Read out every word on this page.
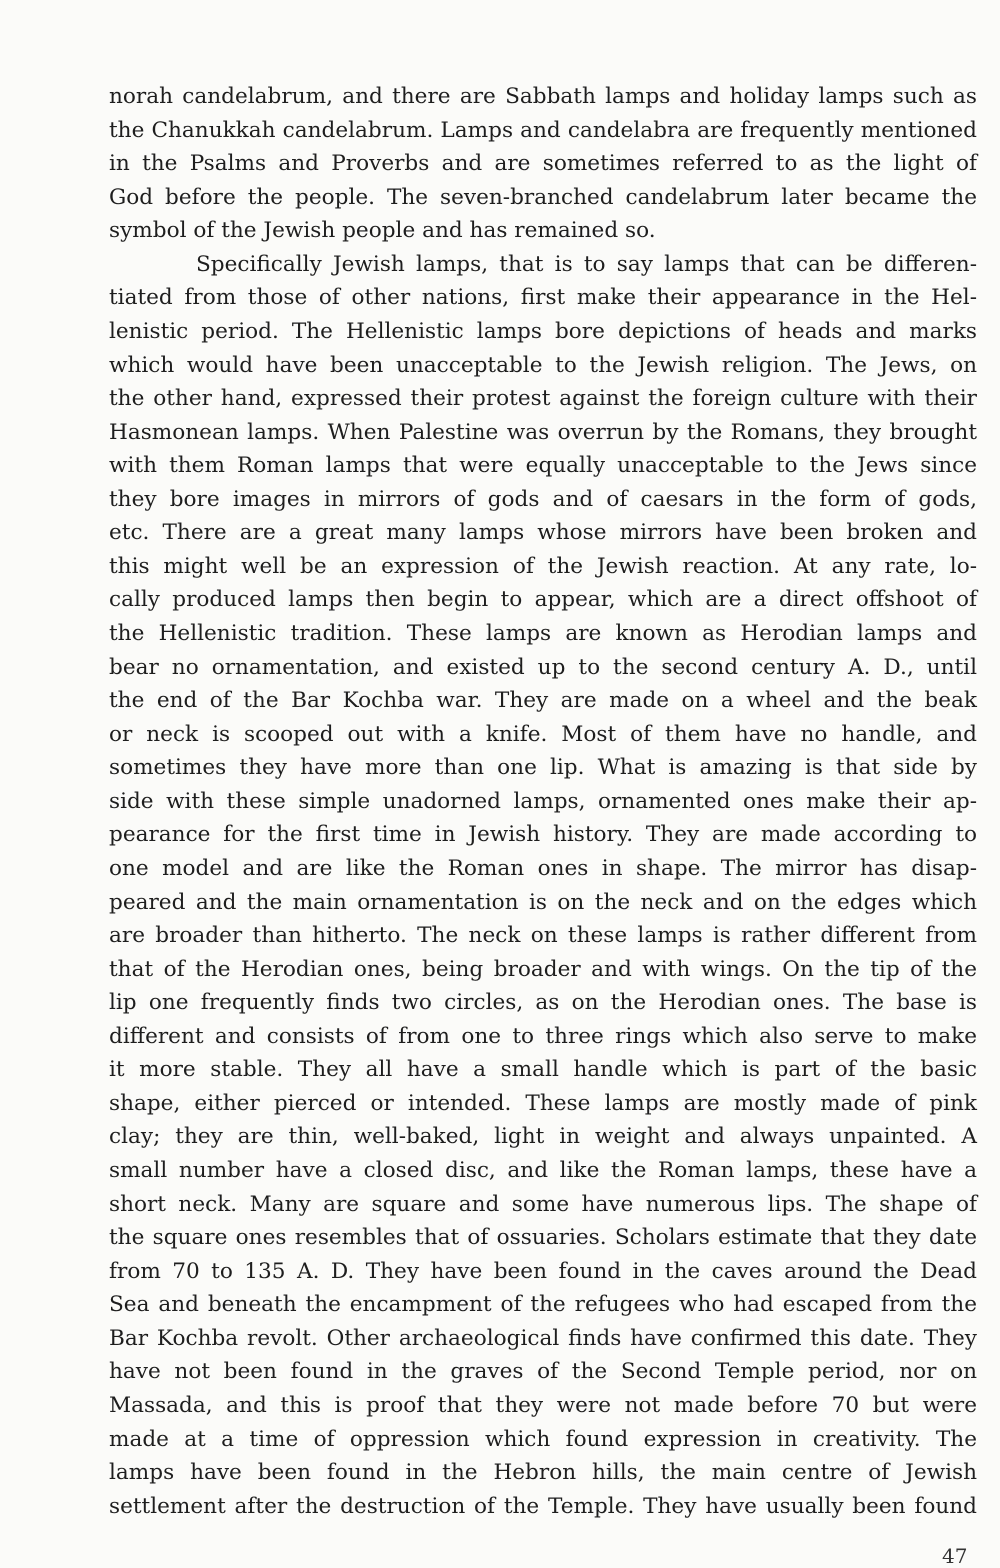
norah candelabrum, and there are Sabbath lamps and holiday lamps such as
the Chanukkah candelabrum. Lamps and candelabra are frequently mentioned
in the Psalms and Proverbs and are sometimes referred to as the light of
God before the people. The seven-branched candelabrum later became the
symbol of the Jewish people and has remained so.
Specifically Jewish lamps, that is to say lamps that can be differen-
tiated from those of other nations, first make their appearance in the Hel-
lenistic period. The Hellenistic lamps bore depictions of heads and marks
which would have been unacceptable to the Jewish religion. The Jews, on
the other hand, expressed their protest against the foreign culture with their
Hasmonean lamps. When Palestine was overrun by the Romans, they brought
with them Roman lamps that were equally unacceptable to the Jews since
they bore images in mirrors of gods and of caesars in the form of gods,
etc. There are a great many lamps whose mirrors have been broken and
this might well be an expression of the Jewish reaction. At any rate, lo-
cally produced lamps then begin to appear, which are a direct offshoot of
the Hellenistic tradition. These lamps are known as Herodian lamps and
bear no ornamentation, and existed up to the second century A. D., until
the end of the Bar Kochba war. They are made on a wheel and the beak
or neck is scooped out with a knife. Most of them have no handle, and
sometimes they have more than one lip. What is amazing is that side by
side with these simple unadorned lamps, ornamented ones make their ap-
pearance for the first time in Jewish history. They are made according to
one model and are like the Roman ones in shape. The mirror has disap-
peared and the main ornamentation is on the neck and on the edges which
are broader than hitherto. The neck on these lamps is rather different from
that of the Herodian ones, being broader and with wings. On the tip of the
lip one frequently finds two circles, as on the Herodian ones. The base is
different and consists of from one to three rings which also serve to make
it more stable. They all have a small handle which is part of the basic
shape, either pierced or intended. These lamps are mostly made of pink
clay; they are thin, well-baked, light in weight and always unpainted. A
small number have a closed disc, and like the Roman lamps, these have a
short neck. Many are square and some have numerous lips. The shape of
the square ones resembles that of ossuaries. Scholars estimate that they date
from 70 to 135 A. D. They have been found in the caves around the Dead
Sea and beneath the encampment of the refugees who had escaped from the
Bar Kochba revolt. Other archaeological finds have confirmed this date. They
have not been found in the graves of the Second Temple period, nor on
Massada, and this is proof that they were not made before 70 but were
made at a time of oppression which found expression in creativity. The
lamps have been found in the Hebron hills, the main centre of Jewish
settlement after the destruction of the Temple. They have usually been found
47
